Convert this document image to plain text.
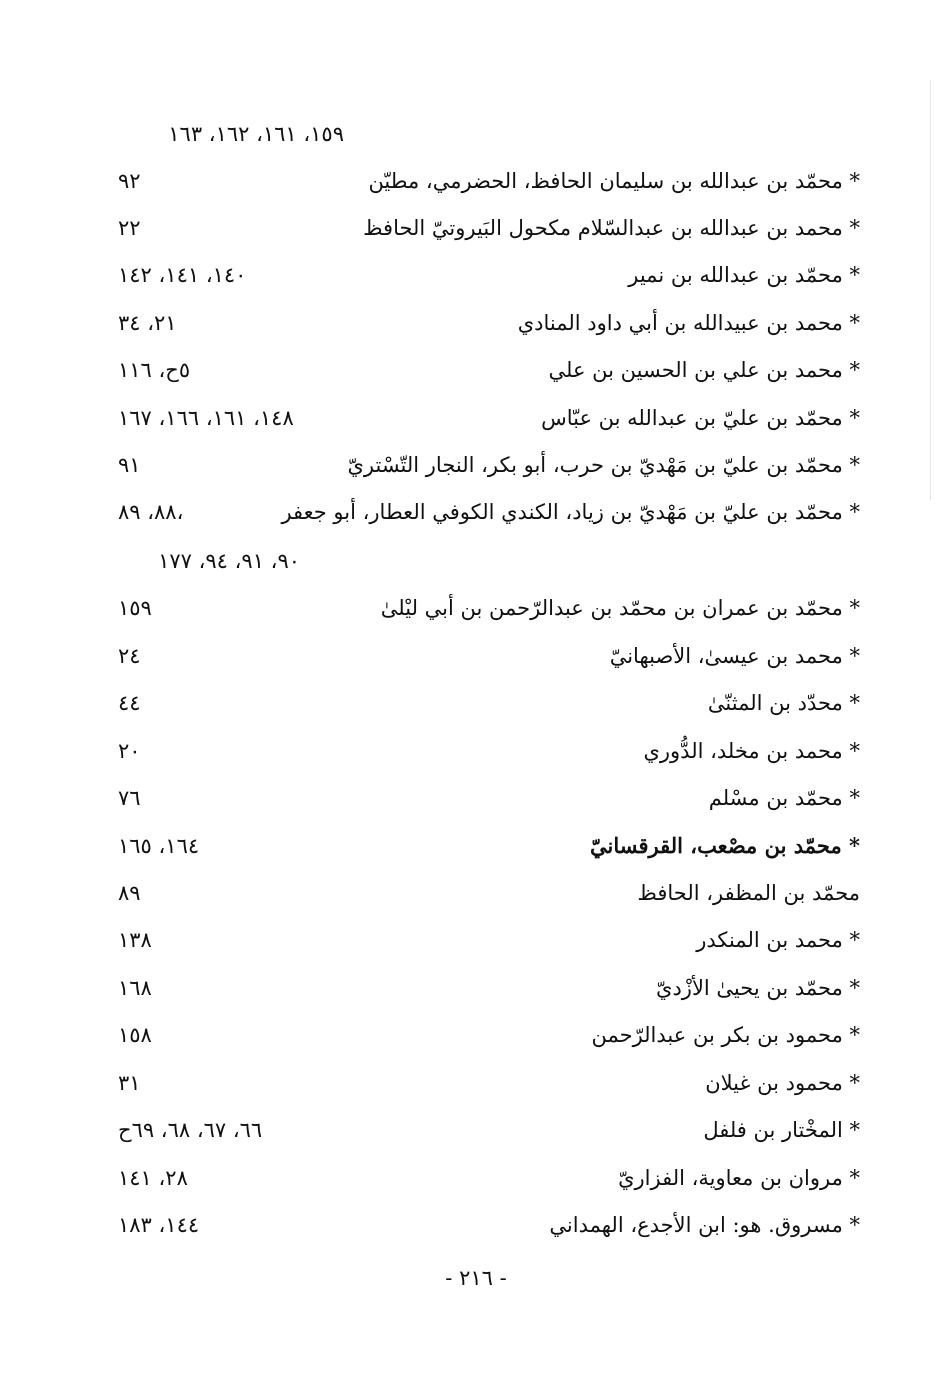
١٥٩، ١٦١، ١٦٢، ١٦٣
* محمّد بن عبدالله بن سليمان الحافظ، الحضرمي، مطيّن
٩٢
* محمد بن عبدالله بن عبدالسّلام مكحول البَيروتيّ الحافظ
٢٢
* محمّد بن عبدالله بن نمير
١٤٠، ١٤١، ١٤٢
* محمد بن عبيدالله بن أبي داود المنادي
٢١، ٣٤
* محمد بن علي بن الحسين بن علي
٥ح، ١١٦
* محمّد بن عليّ بن عبدالله بن عبّاس
١٤٨، ١٦١، ١٦٦، ١٦٧
* محمّد بن عليّ بن مَهْديّ بن حرب، أبو بكر، النجار التّسْتريّ
٩١
* محمّد بن عليّ بن مَهْديّ بن زياد، الكندي الكوفي العطار، أبو جعفر
٨٨، ٨٩،
٩٠، ٩١، ٩٤، ١٧٧
* محمّد بن عمران بن محمّد بن عبدالرّحمن بن أبي ليْلىٰ
١٥٩
* محمد بن عيسىٰ، الأصبهانيّ
٢٤
* محدّد بن المثنّىٰ
٤٤
* محمد بن مخلد، الدُّوري
٢٠
* محمّد بن مسْلم
٧٦
* محمّد بن مصْعب، القرقسانيّ
١٦٤، ١٦٥
محمّد بن المظفر، الحافظ
٨٩
* محمد بن المنكدر
١٣٨
* محمّد بن يحيىٰ الأزْديّ
١٦٨
* محمود بن بكر بن عبدالرّحمن
١٥٨
* محمود بن غيلان
٣١
* المخْتار بن فلفل
٦٦، ٦٧، ٦٨، ٦٩ح
* مروان بن معاوية، الفزاريّ
٢٨، ١٤١
* مسروق. هو: ابن الأجدع، الهمداني
١٤٤، ١٨٣
- ٢١٦ -
